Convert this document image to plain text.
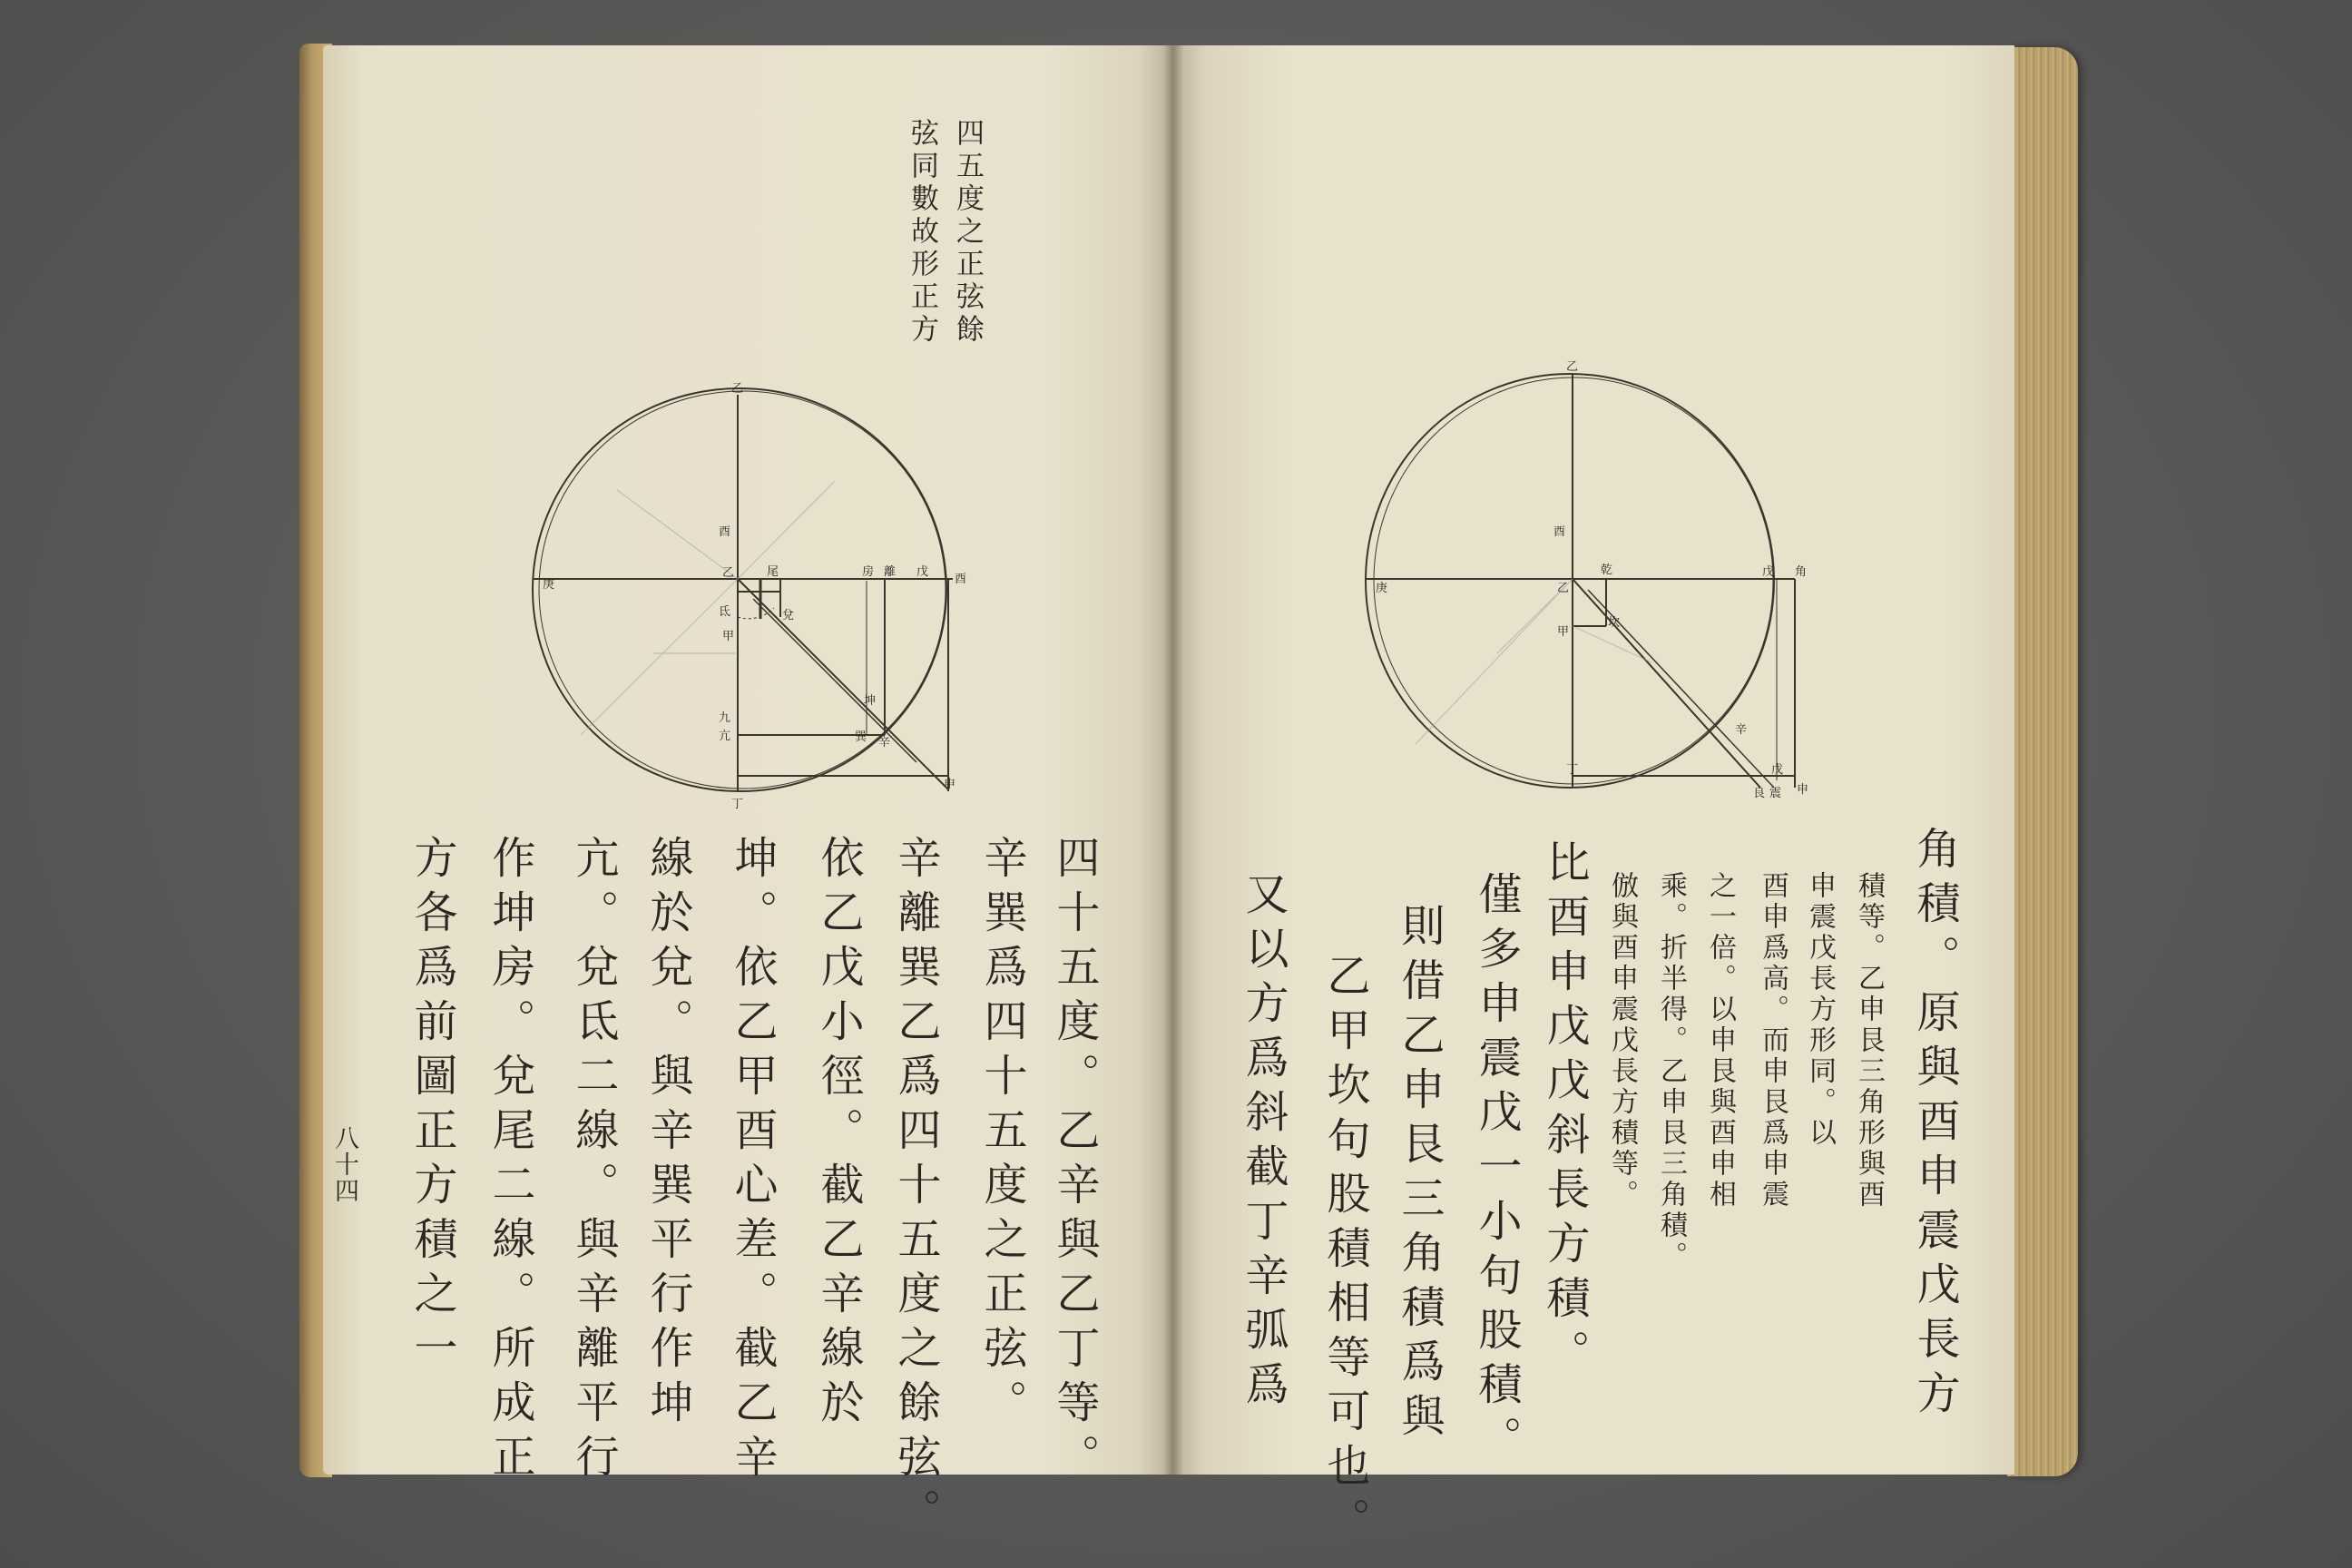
四五度之正弦餘
弦同數故形正方
乙
酉
乙	尾	房 離 戊
酉
庚
氐
甲
兌
坤
亢	巽 辛
丁
申
九
四十五度。乙辛與乙丁等。
辛巽爲四十五度之正弦。
辛離巽乙爲四十五度之餘弦。
依乙戊小徑。截乙辛線於
坤。依乙甲酉心差。截乙辛
線於兌。與辛巽平行作坤
亢。兌氐二線。與辛離平行
作坤房。兌尾二線。所成正
方各爲前圖正方積之一
八十四
乙
酉
乾	戊 角
庚	乙
坎
甲
辛
丁	戊
申
良 震
角積。原與酉申震戊長方
積等。乙申艮三角形與酉
申震戊長方形同。以
酉申爲高。而申艮爲申震
之一倍。以申艮與酉申相
乘。折半得。乙申艮三角積。
倣與酉申震戊長方積等。
比酉申戊戊斜長方積。
僅多申震戊一小句股積。
則借乙申艮三角積爲與
乙甲坎句股積相等可也。
又以方爲斜截丁辛弧爲
